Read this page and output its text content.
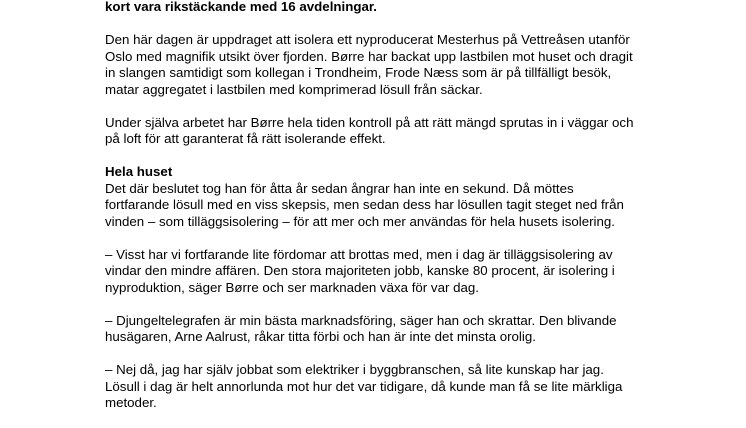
kort vara rikstäckande med 16 avdelningar.

Den här dagen är uppdraget att isolera ett nyproducerat Mesterhus på Vettreåsen utanför

Oslo med magnifik utsikt över fjorden. Børre har backat upp lastbilen mot huset och dragit

in slangen samtidigt som kollegan i Trondheim, Frode Næss som är på tillfälligt besök,

matar aggregatet i lastbilen med komprimerad lösull från säckar.

Under själva arbetet har Børre hela tiden kontroll på att rätt mängd sprutas in i väggar och

på loft för att garanterat få rätt isolerande effekt.

Hela huset

Det där beslutet tog han för åtta år sedan ångrar han inte en sekund. Då möttes

fortfarande lösull med en viss skepsis, men sedan dess har lösullen tagit steget ned från

vinden – som tilläggsisolering – för att mer och mer användas för hela husets isolering.

– Visst har vi fortfarande lite fördomar att brottas med, men i dag är tilläggsisolering av

vindar den mindre affären. Den stora majoriteten jobb, kanske 80 procent, är isolering i

nyproduktion, säger Børre och ser marknaden växa för var dag.

– Djungeltelegrafen är min bästa marknadsföring, säger han och skrattar. Den blivande

husägaren, Arne Aalrust, råkar titta förbi och han är inte det minsta orolig.

– Nej då, jag har själv jobbat som elektriker i byggbranschen, så lite kunskap har jag.

Lösull i dag är helt annorlunda mot hur det var tidigare, då kunde man få se lite märkliga

metoder.
